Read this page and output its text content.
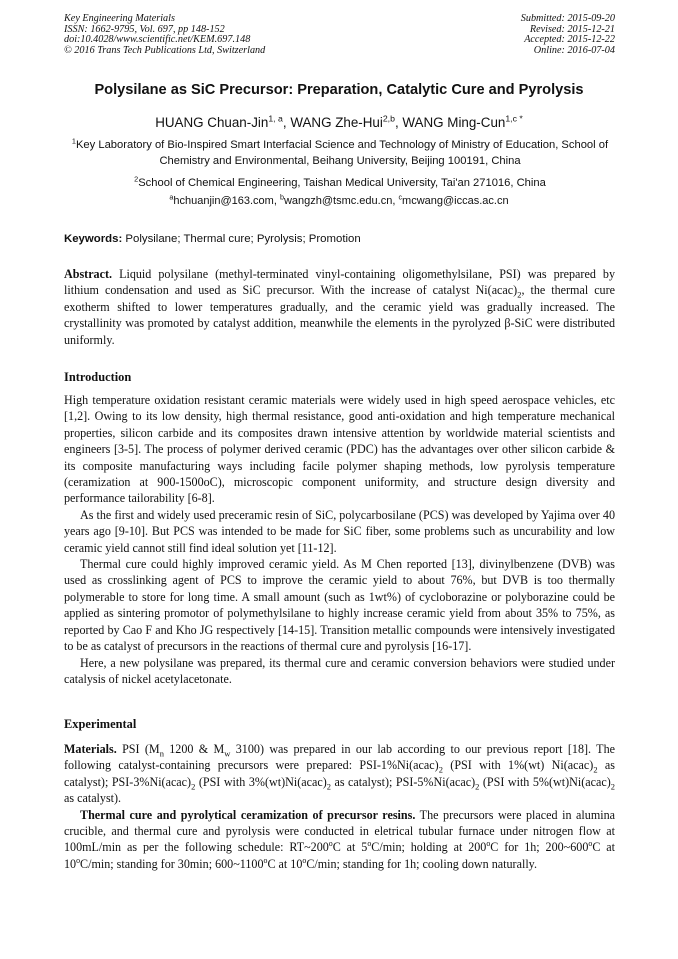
Key Engineering Materials
ISSN: 1662-9795, Vol. 697, pp 148-152
doi:10.4028/www.scientific.net/KEM.697.148
© 2016 Trans Tech Publications Ltd, Switzerland
Submitted: 2015-09-20
Revised: 2015-12-21
Accepted: 2015-12-22
Online: 2016-07-04
Polysilane as SiC Precursor: Preparation, Catalytic Cure and Pyrolysis
HUANG Chuan-Jin$^{1, a}$, WANG Zhe-Hui$^{2,b}$, WANG Ming-Cun$^{1,c *}$
$^1$Key Laboratory of Bio-Inspired Smart Interfacial Science and Technology of Ministry of Education, School of Chemistry and Environmental, Beihang University, Beijing 100191, China
$^2$School of Chemical Engineering, Taishan Medical University, Tai'an 271016, China
$^a$hchuanjin@163.com, $^b$wangzh@tsmc.edu.cn, $^c$mcwang@iccas.ac.cn
Keywords: Polysilane; Thermal cure; Pyrolysis; Promotion

Abstract. Liquid polysilane (methyl-terminated vinyl-containing oligomethylsilane, PSI) was prepared by lithium condensation and used as SiC precursor. With the increase of catalyst $Ni(acac)_2$, the thermal cure exotherm shifted to lower temperatures gradually, and the ceramic yield was gradually increased. The crystallinity was promoted by catalyst addition, meanwhile the elements in the pyrolyzed β-SiC were distributed uniformly.

Introduction

High temperature oxidation resistant ceramic materials were widely used in high speed aerospace vehicles, etc [1,2]. Owing to its low density, high thermal resistance, good anti-oxidation and high temperature mechanical properties, silicon carbide and its composites drawn intensive attention by worldwide material scientists and engineers [3-5]. The process of polymer derived ceramic (PDC) has the advantages over other silicon carbide & its composite manufacturing ways including facile polymer shaping methods, low pyrolysis temperature (ceramization at 900-1500oC), microscopic component uniformity, and structure design diversity and performance tailorability [6-8].

As the first and widely used preceramic resin of SiC, polycarbosilane (PCS) was developed by Yajima over 40 years ago [9-10]. But PCS was intended to be made for SiC fiber, some problems such as uncurability and low ceramic yield cannot still find ideal solution yet [11-12].

Thermal cure could highly improved ceramic yield. As M Chen reported [13], divinylbenzene (DVB) was used as crosslinking agent of PCS to improve the ceramic yield to about 76%, but DVB is too thermally polymerable to store for long time. A small amount (such as 1wt%) of cycloborazine or polyborazine could be applied as sintering promotor of polymethylsilane to highly increase ceramic yield from about 35% to 75%, as reported by Cao F and Kho JG respectively [14-15]. Transition metallic compounds were intensively investigated to be as catalyst of precursors in the reactions of thermal cure and pyrolysis [16-17].

Here, a new polysilane was prepared, its thermal cure and ceramic conversion behaviors were studied under catalysis of nickel acetylacetonate.

Experimental

Materials. PSI ($M_n$ 1200 & $M_w$ 3100) was prepared in our lab according to our previous report [18]. The following catalyst-containing precursors were prepared: PSI-$1\%Ni(acac)_2$ (PSI with 1%(wt) $Ni(acac)_2$ as catalyst); PSI-$3\%Ni(acac)_2$ (PSI with $3\%(wt)Ni(acac)_2$ as catalyst); PSI-$5\%Ni(acac)_2$ (PSI with $5\%(wt)Ni(acac)_2$ as catalyst).

Thermal cure and pyrolytical ceramization of precursor resins. The precursors were placed in alumina crucible, and thermal cure and pyrolysis were conducted in eletrical tubular furnace under nitrogen flow at 100mL/min as per the following schedule: RT~200$^o$C at 5$^o$C/min; holding at 200$^o$C for 1h; 200~600$^o$C at 10$^o$C/min; standing for 30min; 600~1100$^o$C at 10$^o$C/min; standing for 1h; cooling down naturally.
